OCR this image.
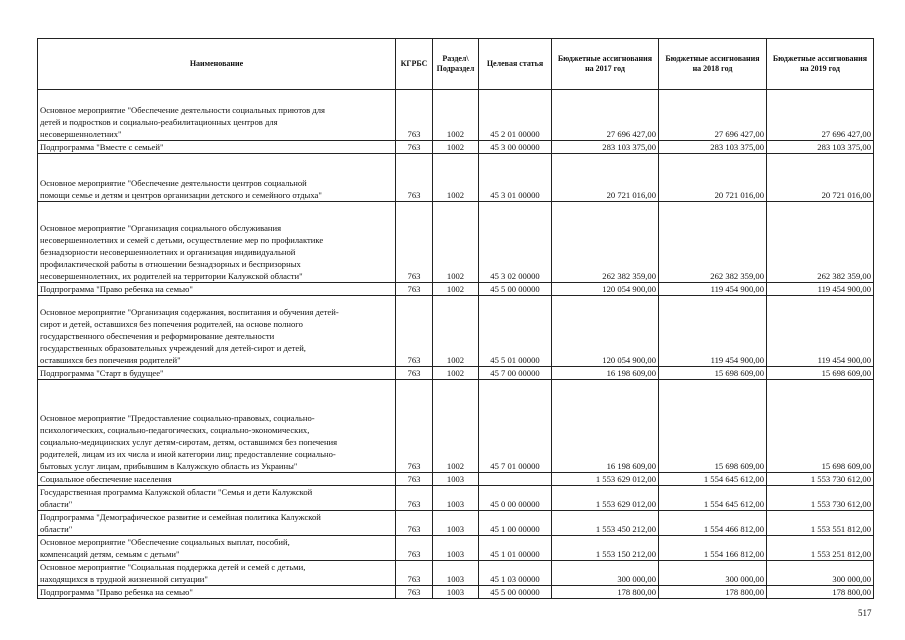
Наименование	КГРБС	Раздел\ Подраздел	Целевая статья	Бюджетные ассигнования на 2017 год	Бюджетные ассигнования на 2018 год	Бюджетные ассигнования на 2019 год
Основное мероприятие "Обеспечение деятельности социальных приютов для
детей и подростков и социально-реабилитационных центров для
несовершеннолетних"	763	1002	45 2 01 00000	27 696 427,00	27 696 427,00	27 696 427,00
Подпрограмма "Вместе с семьей"	763	1002	45 3 00 00000	283 103 375,00	283 103 375,00	283 103 375,00
Основное мероприятие "Обеспечение деятельности центров социальной
помощи семье и детям и центров организации детского и семейного отдыха"	763	1002	45 3 01 00000	20 721 016,00	20 721 016,00	20 721 016,00
Основное мероприятие "Организация социального обслуживания
несовершеннолетних и семей с детьми, осуществление мер по профилактике
безнадзорности несовершеннолетних и организация индивидуальной
профилактической работы в отношении безнадзорных и беспризорных
несовершеннолетних, их родителей на территории Калужской области"	763	1002	45 3 02 00000	262 382 359,00	262 382 359,00	262 382 359,00
Подпрограмма "Право ребенка на семью"	763	1002	45 5 00 00000	120 054 900,00	119 454 900,00	119 454 900,00
Основное мероприятие "Организация содержания, воспитания и обучения детей-
сирот и детей, оставшихся без попечения родителей, на основе полного
государственного обеспечения и реформирование деятельности
государственных образовательных учреждений для детей-сирот и детей,
оставшихся без попечения родителей"	763	1002	45 5 01 00000	120 054 900,00	119 454 900,00	119 454 900,00
Подпрограмма "Старт в будущее"	763	1002	45 7 00 00000	16 198 609,00	15 698 609,00	15 698 609,00
Основное мероприятие "Предоставление социально-правовых, социально-
психологических, социально-педагогических, социально-экономических,
социально-медицинских услуг детям-сиротам, детям, оставшимся без попечения
родителей, лицам из их числа и иной категории лиц; предоставление социально-
бытовых услуг лицам, прибывшим в Калужскую область из Украины"	763	1002	45 7 01 00000	16 198 609,00	15 698 609,00	15 698 609,00
Социальное обеспечение населения	763	1003		1 553 629 012,00	1 554 645 612,00	1 553 730 612,00
Государственная программа Калужской области "Семья и дети Калужской
области"	763	1003	45 0 00 00000	1 553 629 012,00	1 554 645 612,00	1 553 730 612,00
Подпрограмма "Демографическое развитие и семейная политика Калужской
области"	763	1003	45 1 00 00000	1 553 450 212,00	1 554 466 812,00	1 553 551 812,00
Основное мероприятие "Обеспечение социальных выплат, пособий,
компенсаций детям, семьям с детьми"	763	1003	45 1 01 00000	1 553 150 212,00	1 554 166 812,00	1 553 251 812,00
Основное мероприятие "Социальная поддержка детей и семей с детьми,
находящихся в трудной жизненной ситуации"	763	1003	45 1 03 00000	300 000,00	300 000,00	300 000,00
Подпрограмма "Право ребенка на семью"	763	1003	45 5 00 00000	178 800,00	178 800,00	178 800,00
517
